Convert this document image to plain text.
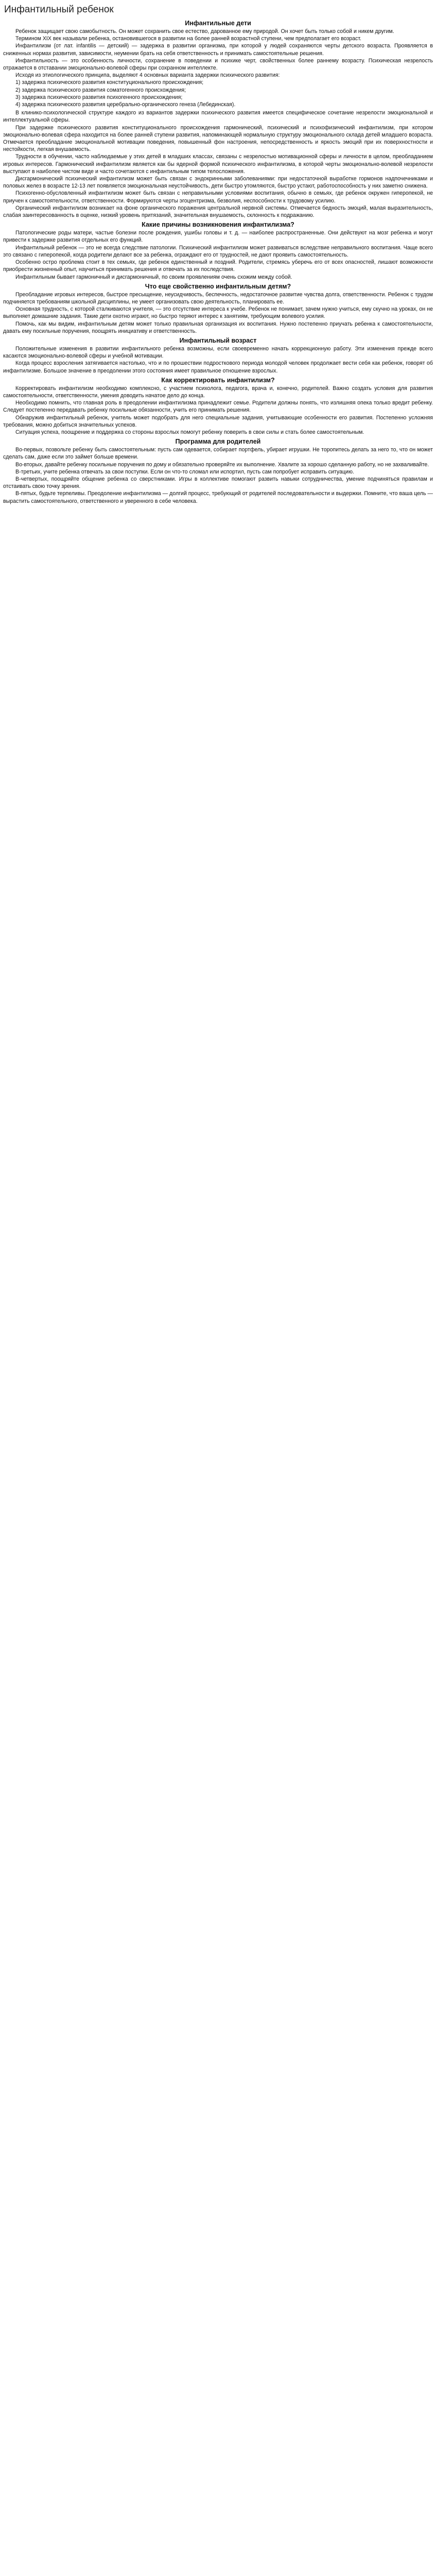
Инфантильный ребенок
Инфантильные дети

Ребенок защищает свою самобытность. Он может сохранить свое естество, дарованное ему природой. Он хочет быть только собой и никем другим.

Термином XIX век называли ребенка, остановившегося в развитии на более ранней возрастной ступени, чем предполагает его возраст.

Инфантилизм (от лат. infantilis — детский) — задержка в развитии организма, при которой у людей сохраняются черты детского возраста. Проявляется в сниженных нормах развития, зависимости, неумении брать на себя ответственность и принимать самостоятельные решения.

Инфантильность — это особенность личности, сохранение в поведении и психике черт, свойственных более раннему возрасту. Психическая незрелость отражается в отставании эмоционально-волевой сферы при сохранном интеллекте.

Исходя из этиологического принципа, выделяют 4 основных варианта задержки психического развития:

1) задержка психического развития конституционального происхождения;

2) задержка психического развития соматогенного происхождения;

3) задержка психического развития психогенного происхождения;

4) задержка психического развития церебрально-органического генеза (Лебединская).

В клинико-психологической структуре каждого из вариантов задержки психического развития имеется специфическое сочетание незрелости эмоциональной и интеллектуальной сферы.

При задержке психического развития конституционального происхождения гармонический, психический и психофизический инфантилизм, при котором эмоционально-волевая сфера находится на более ранней ступени развития, напоминающей нормальную структуру эмоционального склада детей младшего возраста. Отмечается преобладание эмоциональной мотивации поведения, повышенный фон настроения, непосредственность и яркость эмоций при их поверхностности и нестойкости, легкая внушаемость.

Трудности в обучении, часто наблюдаемые у этих детей в младших классах, связаны с незрелостью мотивационной сферы и личности в целом, преобладанием игровых интересов. Гармонический инфантилизм является как бы ядерной формой психического инфантилизма, в которой черты эмоционально-волевой незрелости выступают в наиболее чистом виде и часто сочетаются с инфантильным типом телосложения.

Дисгармонический психический инфантилизм может быть связан с эндокринными заболеваниями: при недостаточной выработке гормонов надпочечниками и половых желез в возрасте 12-13 лет появляется эмоциональная неустойчивость, дети быстро утомляются, быстро устают, работоспособность у них заметно снижена.

Психогенно-обусловленный инфантилизм может быть связан с неправильными условиями воспитания, обычно в семьях, где ребенок окружен гиперопекой, не приучен к самостоятельности, ответственности. Формируются черты эгоцентризма, безволия, неспособности к трудовому усилию.

Органический инфантилизм возникает на фоне органического поражения центральной нервной системы. Отмечается бедность эмоций, малая выразительность, слабая заинтересованность в оценке, низкий уровень притязаний, значительная внушаемость, склонность к подражанию.

Какие причины возникновения инфантилизма?

Патологические роды матери, частые болезни после рождения, ушибы головы и т. д. — наиболее распространенные. Они действуют на мозг ребенка и могут привести к задержке развития отдельных его функций.

Инфантильный ребенок — это не всегда следствие патологии. Психический инфантилизм может развиваться вследствие неправильного воспитания. Чаще всего это связано с гиперопекой, когда родители делают все за ребенка, ограждают его от трудностей, не дают проявить самостоятельность.

Особенно остро проблема стоит в тех семьях, где ребенок единственный и поздний. Родители, стремясь уберечь его от всех опасностей, лишают возможности приобрести жизненный опыт, научиться принимать решения и отвечать за их последствия.

Инфантильным бывает гармоничный и дисгармоничный, по своим проявлениям очень схожим между собой.

Что еще свойственно инфантильным детям?

Преобладание игровых интересов, быстрое пресыщение, неусидчивость, беспечность, недостаточное развитие чувства долга, ответственности. Ребенок с трудом подчиняется требованиям школьной дисциплины, не умеет организовать свою деятельность, планировать ее.

Основная трудность, с которой сталкиваются учителя, — это отсутствие интереса к учебе. Ребенок не понимает, зачем нужно учиться, ему скучно на уроках, он не выполняет домашние задания. Такие дети охотно играют, но быстро теряют интерес к занятиям, требующим волевого усилия.

Помочь, как мы видим, инфантильным детям может только правильная организация их воспитания. Нужно постепенно приучать ребенка к самостоятельности, давать ему посильные поручения, поощрять инициативу и ответственность.

Инфантильный возраст

Положительные изменения в развитии инфантильного ребенка возможны, если своевременно начать коррекционную работу. Эти изменения прежде всего касаются эмоционально-волевой сферы и учебной мотивации.

Когда процесс взросления затягивается настолько, что и по прошествии подросткового периода молодой человек продолжает вести себя как ребенок, говорят об инфантилизме. Большое значение в преодолении этого состояния имеет правильное отношение взрослых.

Как корректировать инфантилизм?

Корректировать инфантилизм необходимо комплексно, с участием психолога, педагога, врача и, конечно, родителей. Важно создать условия для развития самостоятельности, ответственности, умения доводить начатое дело до конца.

Необходимо помнить, что главная роль в преодолении инфантилизма принадлежит семье. Родители должны понять, что излишняя опека только вредит ребенку. Следует постепенно передавать ребенку посильные обязанности, учить его принимать решения.

Обнаружив инфантильный ребенок, учитель может подобрать для него специальные задания, учитывающие особенности его развития. Постепенно усложняя требования, можно добиться значительных успехов.

Ситуация успеха, поощрение и поддержка со стороны взрослых помогут ребенку поверить в свои силы и стать более самостоятельным.

Программа для родителей

Во-первых, позвольте ребенку быть самостоятельным: пусть сам одевается, собирает портфель, убирает игрушки. Не торопитесь делать за него то, что он может сделать сам, даже если это займет больше времени.

Во-вторых, давайте ребенку посильные поручения по дому и обязательно проверяйте их выполнение. Хвалите за хорошо сделанную работу, но не захваливайте.

В-третьих, учите ребенка отвечать за свои поступки. Если он что-то сломал или испортил, пусть сам попробует исправить ситуацию.

В-четвертых, поощряйте общение ребенка со сверстниками. Игры в коллективе помогают развить навыки сотрудничества, умение подчиняться правилам и отстаивать свою точку зрения.

В-пятых, будьте терпеливы. Преодоление инфантилизма — долгий процесс, требующий от родителей последовательности и выдержки. Помните, что ваша цель — вырастить самостоятельного, ответственного и уверенного в себе человека.
